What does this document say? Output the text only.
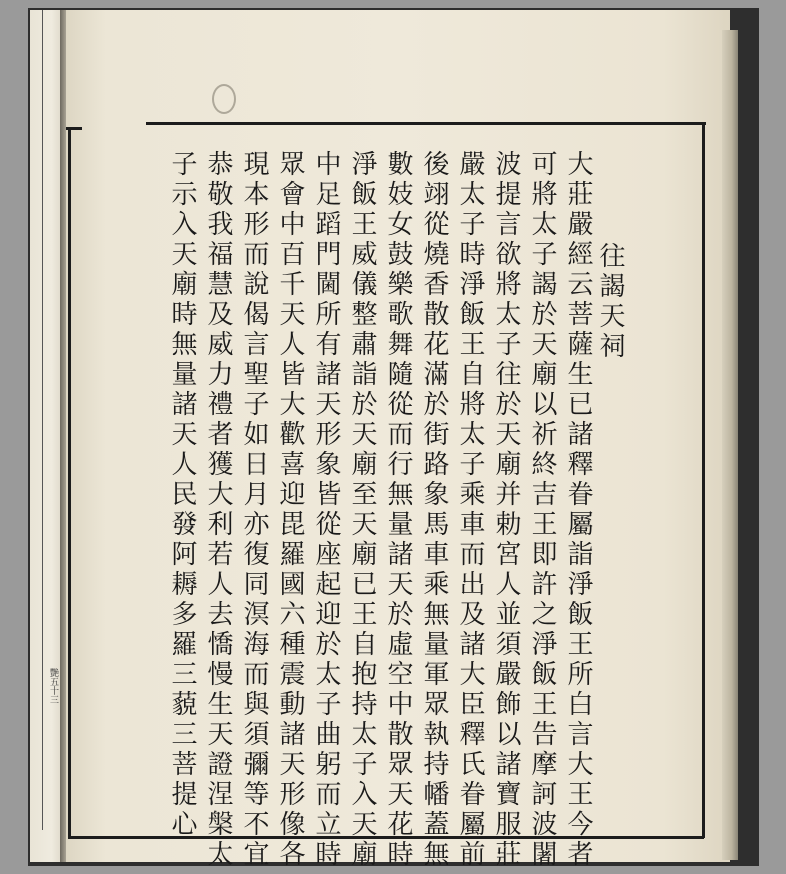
艷五十三
往謁天祠
大莊嚴經云菩薩生已諸釋眷屬詣淨飯王所白言大王今者
可將太子謁於天廟以祈終吉王即許之淨飯王告摩訶波闍
波提言欲將太子往於天廟并勅宮人並須嚴飾以諸寶服莊
嚴太子時淨飯王自將太子乘車而出及諸大臣釋氏眷屬前
後翊從燒香散花滿於街路象馬車乘無量軍眾執持幡蓋無
數妓女鼓樂歌舞隨從而行無量諸天於虛空中散眾天花時
淨飯王威儀整肅詣於天廟至天廟已王自抱持太子入天廟
中足蹈門閫所有諸天形象皆從座起迎於太子曲躬而立時
眾會中百千天人皆大歡喜迎毘羅國六種震動諸天形像各
現本形而說偈言聖子如日月亦復同溟海而與須彌等不宜
恭敬我福慧及威力禮者獲大利若人去憍慢生天證涅槃太
子示入天廟時無量諸天人民發阿耨多羅三藐三菩提心
